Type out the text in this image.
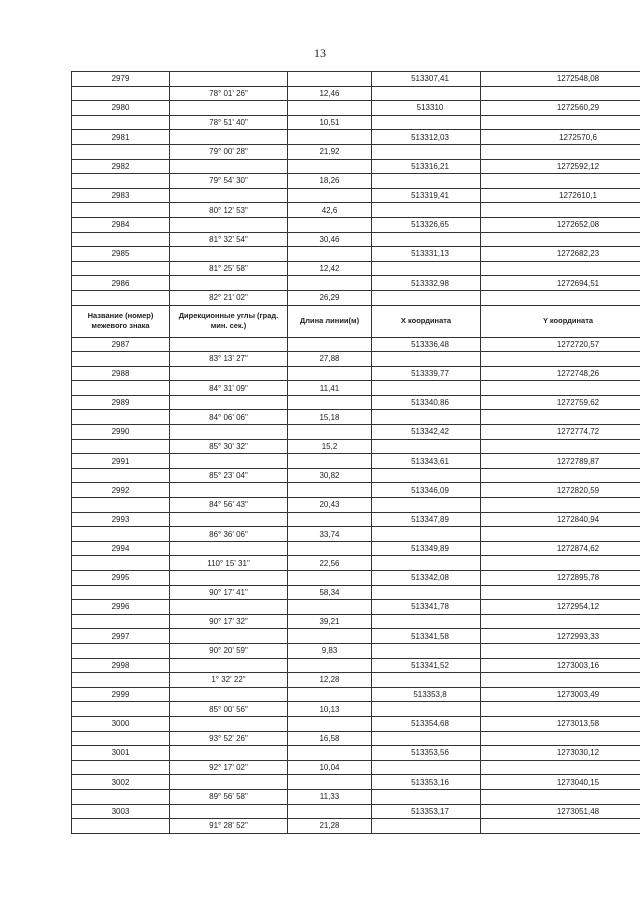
13
2979			513307,41	1272548,08
	78° 01' 26"	12,46		
2980			513310	1272560,29
	78° 51' 40"	10,51		
2981			513312,03	1272570,6
	79° 00' 28"	21,92		
2982			513316,21	1272592,12
	79° 54' 30"	18,26		
2983			513319,41	1272610,1
	80° 12' 53"	42,6		
2984			513326,65	1272652,08
	81° 32' 54"	30,46		
2985			513331,13	1272682,23
	81° 25' 58"	12,42		
2986			513332,98	1272694,51
	82° 21' 02"	26,29		
Название (номер) межевого знака	Дирекционные углы (град. мин. сек.)	Длина линии(м)	X координата	Y координата
2987			513336,48	1272720,57
	83° 13' 27"	27,88		
2988			513339,77	1272748,26
	84° 31' 09"	11,41		
2989			513340,86	1272759,62
	84° 06' 06"	15,18		
2990			513342,42	1272774,72
	85° 30' 32"	15,2		
2991			513343,61	1272789,87
	85° 23' 04"	30,82		
2992			513346,09	1272820,59
	84° 56' 43"	20,43		
2993			513347,89	1272840,94
	86° 36' 06"	33,74		
2994			513349,89	1272874,62
	110° 15' 31"	22,56		
2995			513342,08	1272895,78
	90° 17' 41"	58,34		
2996			513341,78	1272954,12
	90° 17' 32"	39,21		
2997			513341,58	1272993,33
	90° 20' 59"	9,83		
2998			513341,52	1273003,16
	1° 32' 22"	12,28		
2999			513353,8	1273003,49
	85° 00' 56"	10,13		
3000			513354,68	1273013,58
	93° 52' 26"	16,58		
3001			513353,56	1273030,12
	92° 17' 02"	10,04		
3002			513353,16	1273040,15
	89° 56' 58"	11,33		
3003			513353,17	1273051,48
	91° 28' 52"	21,28		
